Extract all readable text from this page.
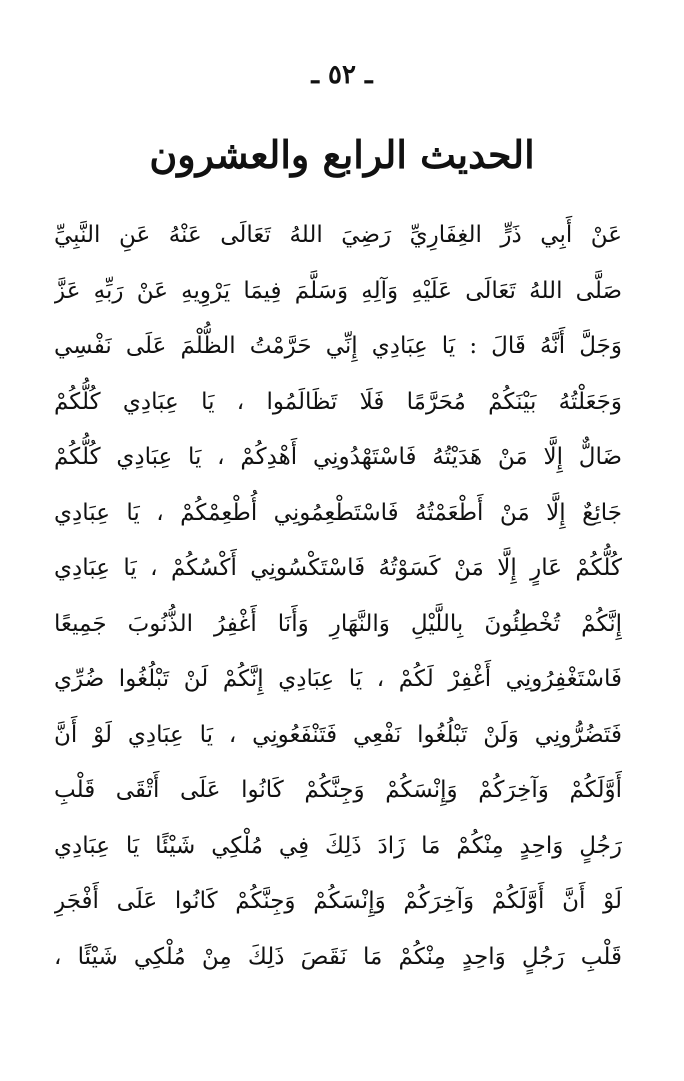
ـ ٥٢ ـ
الحديث الرابع والعشرون
عَنْ أَبِي ذَرٍّ الغِفَارِيِّ رَضِيَ اللهُ تَعَالَى عَنْهُ عَنِ النَّبِيِّ
صَلَّى اللهُ تَعَالَى عَلَيْهِ وَآلِهِ وَسَلَّمَ فِيمَا يَرْوِيهِ عَنْ رَبِّهِ عَزَّ
وَجَلَّ أَنَّهُ قَالَ : يَا عِبَادِي إِنِّي حَرَّمْتُ الظُّلْمَ عَلَى نَفْسِي
وَجَعَلْتُهُ بَيْنَكُمْ مُحَرَّمًا فَلَا تَظَالَمُوا ، يَا عِبَادِي كُلُّكُمْ
ضَالٌّ إِلَّا مَنْ هَدَيْتُهُ فَاسْتَهْدُونِي أَهْدِكُمْ ، يَا عِبَادِي كُلُّكُمْ
جَائِعٌ إِلَّا مَنْ أَطْعَمْتُهُ فَاسْتَطْعِمُونِي أُطْعِمْكُمْ ، يَا عِبَادِي
كُلُّكُمْ عَارٍ إِلَّا مَنْ كَسَوْتُهُ فَاسْتَكْسُونِي أَكْسُكُمْ ، يَا عِبَادِي
إِنَّكُمْ تُخْطِئُونَ بِاللَّيْلِ وَالنَّهَارِ وَأَنَا أَغْفِرُ الذُّنُوبَ جَمِيعًا
فَاسْتَغْفِرُونِي أَغْفِرْ لَكُمْ ، يَا عِبَادِي إِنَّكُمْ لَنْ تَبْلُغُوا ضُرِّي
فَتَضُرُّونِي وَلَنْ تَبْلُغُوا نَفْعِي فَتَنْفَعُونِي ، يَا عِبَادِي لَوْ أَنَّ
أَوَّلَكُمْ وَآخِرَكُمْ وَإِنْسَكُمْ وَجِنَّكُمْ كَانُوا عَلَى أَتْقَى قَلْبِ
رَجُلٍ وَاحِدٍ مِنْكُمْ مَا زَادَ ذَلِكَ فِي مُلْكِي شَيْئًا يَا عِبَادِي
لَوْ أَنَّ أَوَّلَكُمْ وَآخِرَكُمْ وَإِنْسَكُمْ وَجِنَّكُمْ كَانُوا عَلَى أَفْجَرِ
قَلْبِ رَجُلٍ وَاحِدٍ مِنْكُمْ مَا نَقَصَ ذَلِكَ مِنْ مُلْكِي شَيْئًا ،
